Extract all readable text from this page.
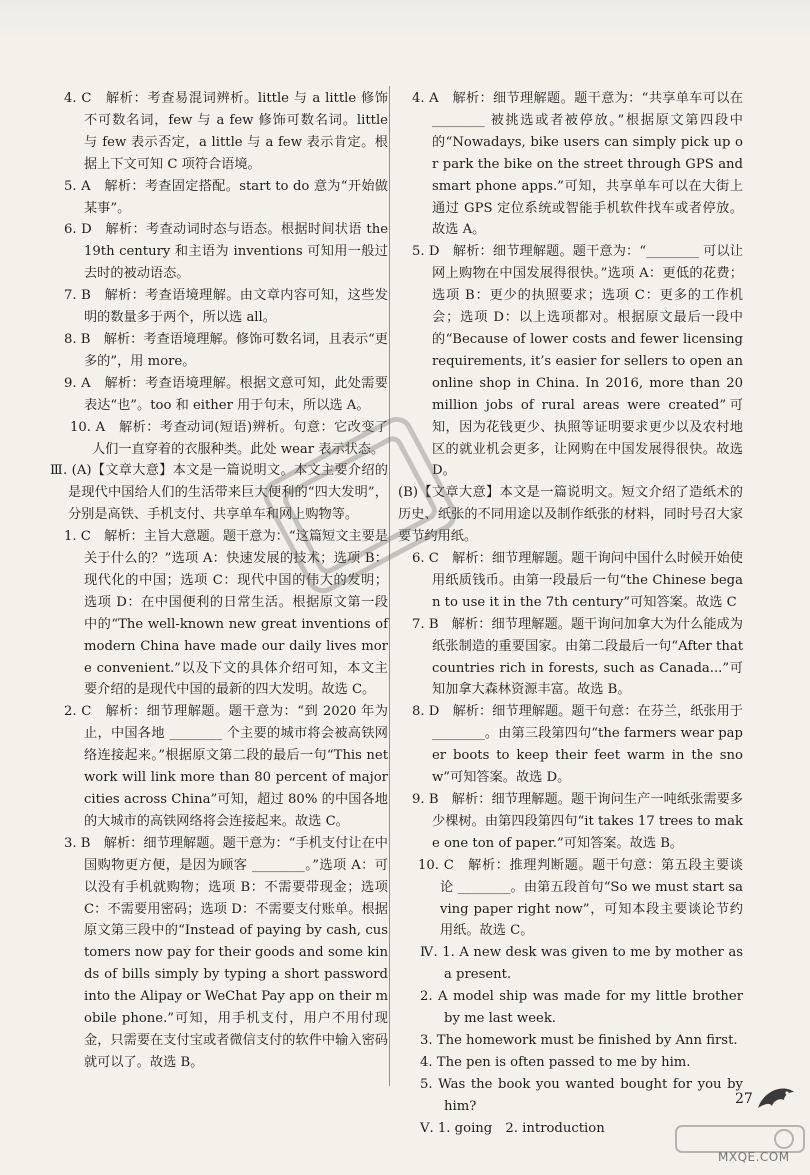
4. C　解析：考查易混词辨析。little 与 a little 修饰不可数名词，few 与 a few 修饰可数名词。little 与 few 表示否定，a little 与 a few 表示肯定。根据上下文可知 C 项符合语境。

5. A　解析：考查固定搭配。start to do 意为“开始做某事”。

6. D　解析：考查动词时态与语态。根据时间状语 the 19th century 和主语为 inventions 可知用一般过去时的被动语态。

7. B　解析：考查语境理解。由文章内容可知，这些发明的数量多于两个，所以选 all。

8. B　解析：考查语境理解。修饰可数名词，且表示“更多的”，用 more。

9. A　解析：考查语境理解。根据文意可知，此处需要表达“也”。too 和 either 用于句末，所以选 A。

10. A　解析：考查动词(短语)辨析。句意：它改变了人们一直穿着的衣服种类。此处 wear 表示状态。

Ⅲ. (A)【文章大意】本文是一篇说明文。本文主要介绍的是现代中国给人们的生活带来巨大便利的“四大发明”，分别是高铁、手机支付、共享单车和网上购物等。

1. C　解析：主旨大意题。题干意为：“这篇短文主要是关于什么的？”选项 A：快速发展的技术；选项 B：现代化的中国；选项 C：现代中国的伟大的发明；选项 D：在中国便利的日常生活。根据原文第一段中的“The well-known new great inventions of modern China have made our daily lives more convenient.”以及下文的具体介绍可知，本文主要介绍的是现代中国的最新的四大发明。故选 C。

2. C　解析：细节理解题。题干意为：“到 2020 年为止，中国各地 ________ 个主要的城市将会被高铁网络连接起来。”根据原文第二段的最后一句“This network will link more than 80 percent of major cities across China”可知，超过 80% 的中国各地的大城市的高铁网络将会连接起来。故选 C。

3. B　解析：细节理解题。题干意为：“手机支付让在中国购物更方便，是因为顾客 ________。”选项 A：可以没有手机就购物；选项 B：不需要带现金；选项 C：不需要用密码；选项 D：不需要支付账单。根据原文第三段中的“Instead of paying by cash, customers now pay for their goods and some kinds of bills simply by typing a short password into the Alipay or WeChat Pay app on their mobile phone.”可知，用手机支付，用户不用付现金，只需要在支付宝或者微信支付的软件中输入密码就可以了。故选 B。

4. A　解析：细节理解题。题干意为：“共享单车可以在 ________ 被挑选或者被停放。”根据原文第四段中的“Nowadays, bike users can simply pick up or park the bike on the street through GPS and smart phone apps.”可知，共享单车可以在大街上通过 GPS 定位系统或智能手机软件找车或者停放。故选 A。

5. D　解析：细节理解题。题干意为：“________ 可以让网上购物在中国发展得很快。”选项 A：更低的花费；选项 B：更少的执照要求；选项 C：更多的工作机会；选项 D：以上选项都对。根据原文最后一段中的“Because of lower costs and fewer licensing requirements, it’s easier for sellers to open an online shop in China. In 2016, more than 20 million jobs of rural areas were created”可知，因为花钱更少、执照等证明要求更少以及农村地区的就业机会更多，让网购在中国发展得很快。故选 D。

(B)【文章大意】本文是一篇说明文。短文介绍了造纸术的历史、纸张的不同用途以及制作纸张的材料，同时号召大家要节约用纸。

6. C　解析：细节理解题。题干询问中国什么时候开始使用纸质钱币。由第一段最后一句“the Chinese began to use it in the 7th century”可知答案。故选 C

7. B　解析：细节理解题。题干询问加拿大为什么能成为纸张制造的重要国家。由第二段最后一句“After that countries rich in forests, such as Canada...”可知加拿大森林资源丰富。故选 B。

8. D　解析：细节理解题。题干句意：在芬兰，纸张用于 ________。由第三段第四句“the farmers wear paper boots to keep their feet warm in the snow”可知答案。故选 D。

9. B　解析：细节理解题。题干询问生产一吨纸张需要多少棵树。由第四段第四句“it takes 17 trees to make one ton of paper.”可知答案。故选 B。

10. C　解析：推理判断题。题干句意：第五段主要谈论 ________。由第五段首句“So we must start saving paper right now”，可知本段主要谈论节约用纸。故选 C。

Ⅳ. 1. A new desk was given to me by mother as a present.

2. A model ship was made for my little brother by me last week.

3. The homework must be finished by Ann first.

4. The pen is often passed to me by him.

5. Was the book you wanted bought for you by him?

Ⅴ. 1. going　2. introduction

27
MXQE.COM
